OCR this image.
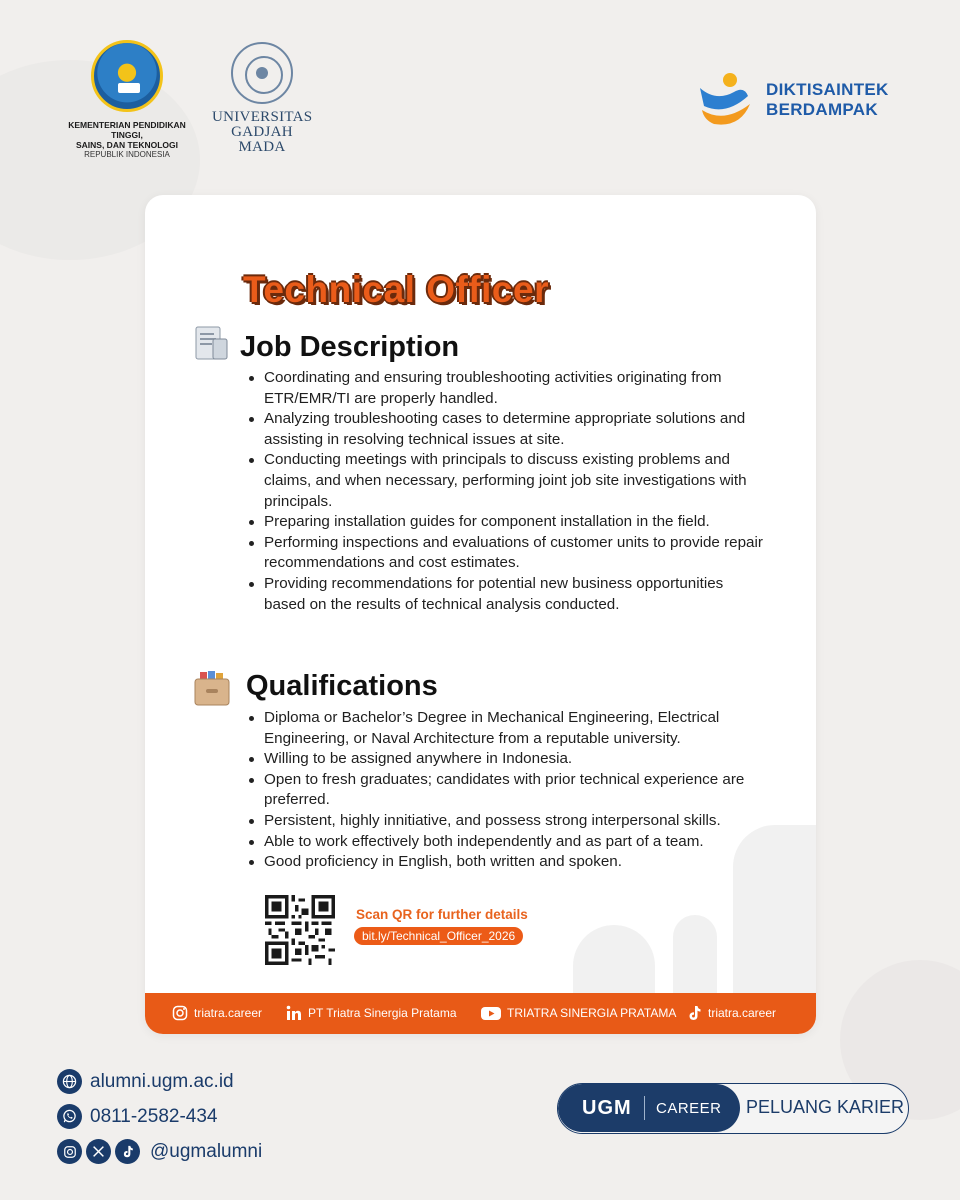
KEMENTERIAN PENDIDIKAN TINGGI,
SAINS, DAN TEKNOLOGI
REPUBLIK INDONESIA
UNIVERSITAS
GADJAH MADA
DIKTISAINTEK
BERDAMPAK
Technical Officer
Job Description
Coordinating and ensuring troubleshooting activities originating from ETR/EMR/TI are properly handled.
Analyzing troubleshooting cases to determine appropriate solutions and assisting in resolving technical issues at site.
Conducting meetings with principals to discuss existing problems and claims, and when necessary, performing joint job site investigations with principals.
Preparing installation guides for component installation in the field.
Performing inspections and evaluations of customer units to provide repair recommendations and cost estimates.
Providing recommendations for potential new business opportunities based on the results of technical analysis conducted.
Qualifications
Diploma or Bachelor’s Degree in Mechanical Engineering, Electrical Engineering, or Naval Architecture from a reputable university.
Willing to be assigned anywhere in Indonesia.
Open to fresh graduates; candidates with prior technical experience are preferred.
Persistent, highly innitiative, and possess strong interpersonal skills.
Able to work effectively both independently and as part of a team.
Good proficiency in English, both written and spoken.
Scan QR for further details
bit.ly/Technical_Officer_2026
triatra.career	PT Triatra Sinergia Pratama	TRIATRA SINERGIA PRATAMA	triatra.career
alumni.ugm.ac.id
0811-2582-434
@ugmalumni
UGM CAREER PELUANG KARIER
